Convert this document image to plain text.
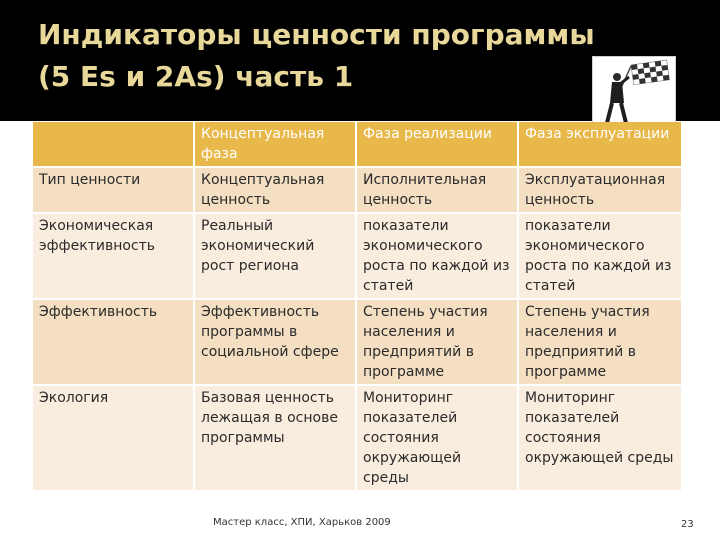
Индикаторы ценности программы
(5 Es и 2As) часть 1
	Концептуальная фаза	Фаза реализации	Фаза эксплуатации
Тип ценности	Концептуальная ценность	Исполнительная ценность	Эксплуатационная ценность
Экономическая эффективность	Реальный экономический рост региона	показатели экономического роста по каждой из статей	показатели экономического роста по каждой из статей
Эффективность	Эффективность программы в социальной сфере	Степень участия населения и предприятий в программе	Степень участия населения и предприятий в программе
Экология	Базовая ценность лежащая в основе программы	Мониторинг показателей состояния окружающей среды	Мониторинг показателей состояния окружающей среды
Мастер класс, ХПИ, Харьков 2009	23
